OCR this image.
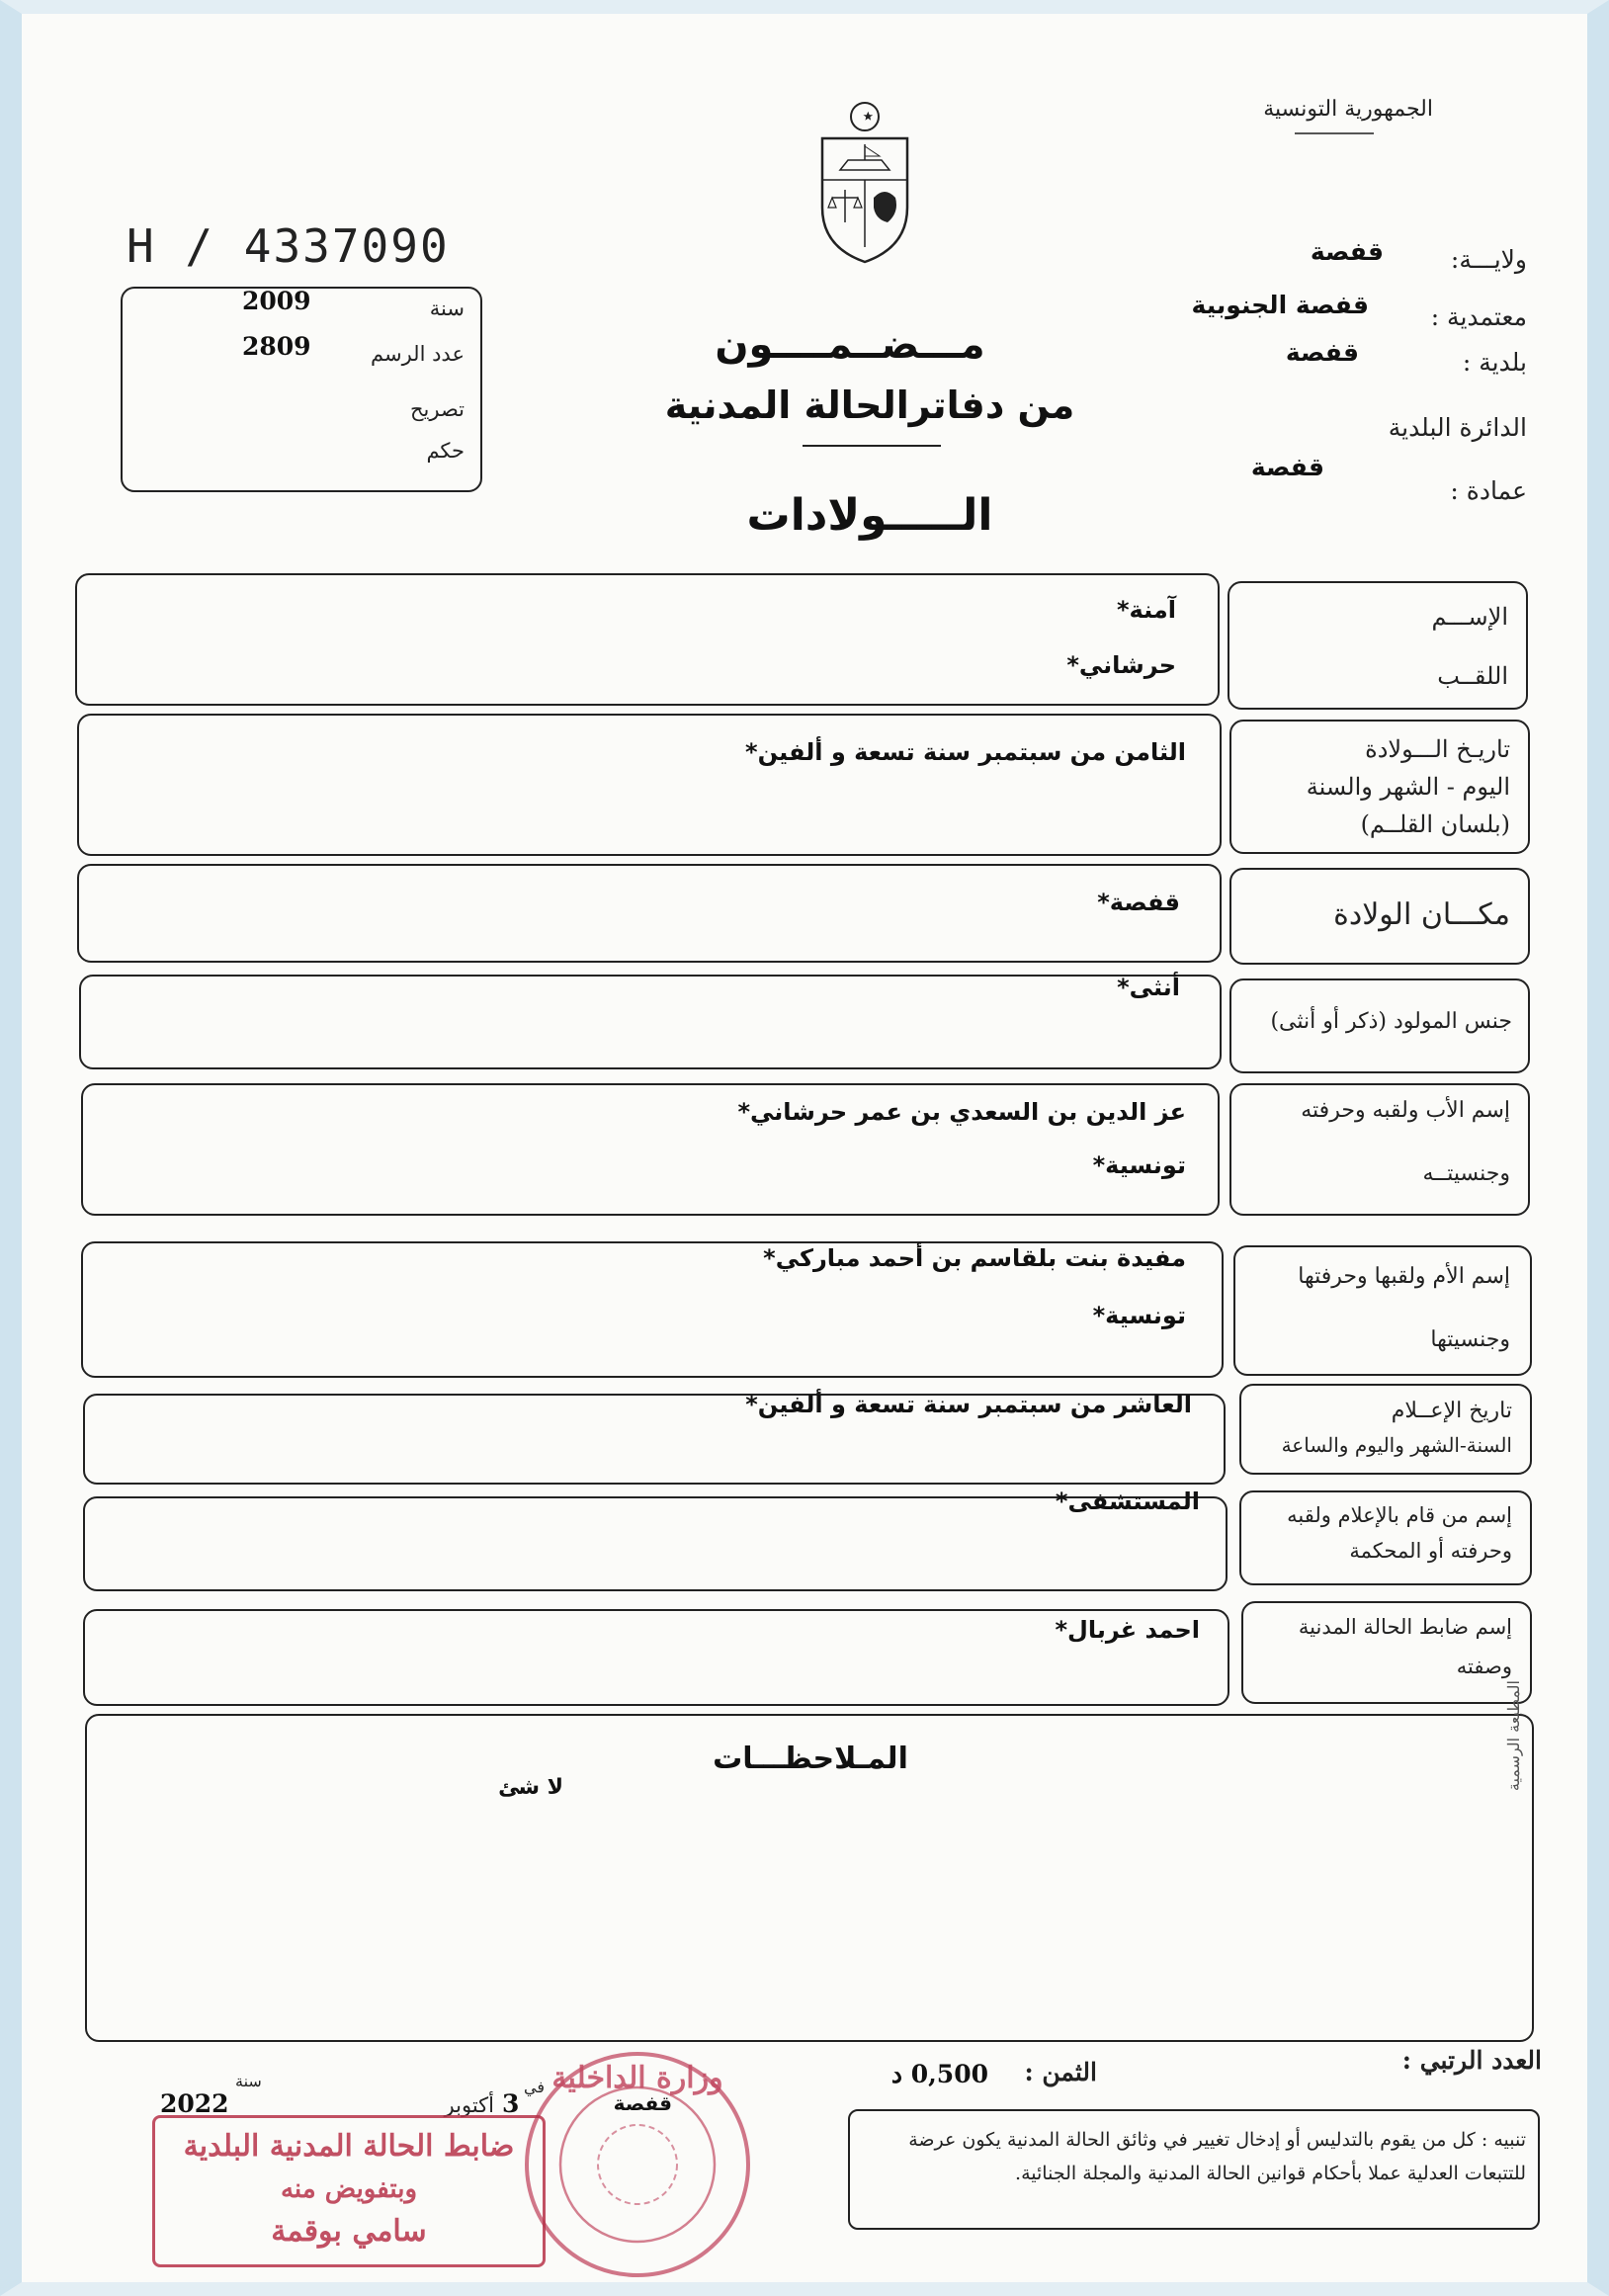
الجمهورية التونسية
H / 4337090
2009	سنة
2809	عدد الرسم
تصريح
حكم
ولايـــة:
قفصة
معتمدية :
قفصة الجنوبية
بلدية :
قفصة
الدائرة البلدية
قفصة
عمادة :
مـــضــمــــون
من دفاترالحالة المدنية
الـــــولادات
الإســـم
اللقــب
آمنة*
حرشاني*
تاريـخ الـــولادة
اليوم - الشهر والسنة
(بلسان القلــم)
الثامن من سبتمبر سنة تسعة و ألفين*
مكـــان الولادة
قفصة*
جنس المولود (ذكر أو أنثى)
أنثى*
إسم الأب ولقبه وحرفته
وجنسيتــه
عز الدين بن السعدي بن عمر حرشاني*
تونسية*
إسم الأم ولقبها وحرفتها
وجنسيتها
مفيدة بنت بلقاسم بن أحمد مباركي*
تونسية*
تاريخ الإعــلام
السنة-الشهر واليوم والساعة
العاشر من سبتمبر سنة تسعة و ألفين*
إسم من قام بالإعلام ولقبه
وحرفته أو المحكمة
المستشفى*
إسم ضابط الحالة المدنية
وصفته
احمد غربال*
المـلاحظـــات
لا شئ	المطبعة الرسمية
العدد الرتبي :
الثمن :
0,500 د
تنبيه : كل من يقوم بالتدليس أو إدخال تغيير في وثائق الحالة المدنية يكون عرضة للتتبعات العدلية عملا بأحكام قوانين الحالة المدنية والمجلة الجنائية.
سنة
2022	أكتوبر 3
في
قفصة
وزارة الداخلية
ضابط الحالة المدنية البلدية
وبتفويض منه
سامي بوقمة
